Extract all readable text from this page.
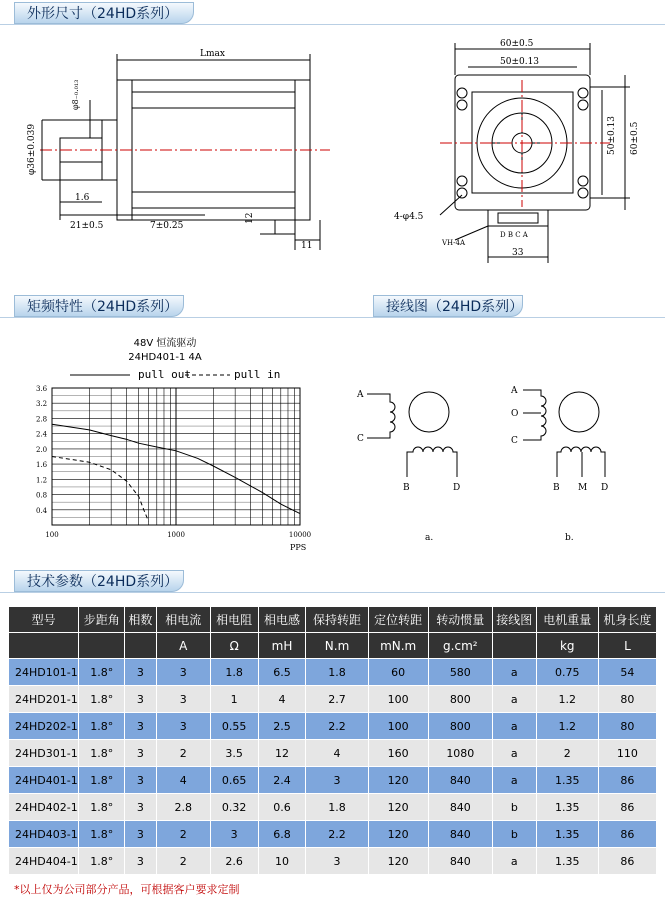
外形尺寸（24HD系列）
Lmax
φ8₋₀.₀₁₃
φ36±0.039
1.6
21±0.5	7±0.25
12
11
60±0.5
50±0.13
50±0.13 60±0.5
4-φ4.5
VH-4A
D B C A
33
矩频特性（24HD系列）	接线图（24HD系列）
48V 恒流驱动
24HD401-1 4A
pull out	pull in
0.4
0.8
1.2
1.6
2.0
2.4
2.8
3.2
3.6
100	1000	10000
PPS
A
C
B	D
A
O
C
B M D
a.	b.
技术参数（24HD系列）
型号	步距角	相数	相电流	相电阻	相电感	保持转距	定位转距	转动惯量	接线图	电机重量	机身长度
			A	Ω	mH	N.m	mN.m	g.cm²		kg	L
24HD101-1	1.8°	3	3	1.8	6.5	1.8	60	580	a	0.75	54
24HD201-1	1.8°	3	3	1	4	2.7	100	800	a	1.2	80
24HD202-1	1.8°	3	3	0.55	2.5	2.2	100	800	a	1.2	80
24HD301-1	1.8°	3	2	3.5	12	4	160	1080	a	2	110
24HD401-1	1.8°	3	4	0.65	2.4	3	120	840	a	1.35	86
24HD402-1	1.8°	3	2.8	0.32	0.6	1.8	120	840	b	1.35	86
24HD403-1	1.8°	3	2	3	6.8	2.2	120	840	b	1.35	86
24HD404-1	1.8°	3	2	2.6	10	3	120	840	a	1.35	86
*以上仅为公司部分产品，可根据客户要求定制
